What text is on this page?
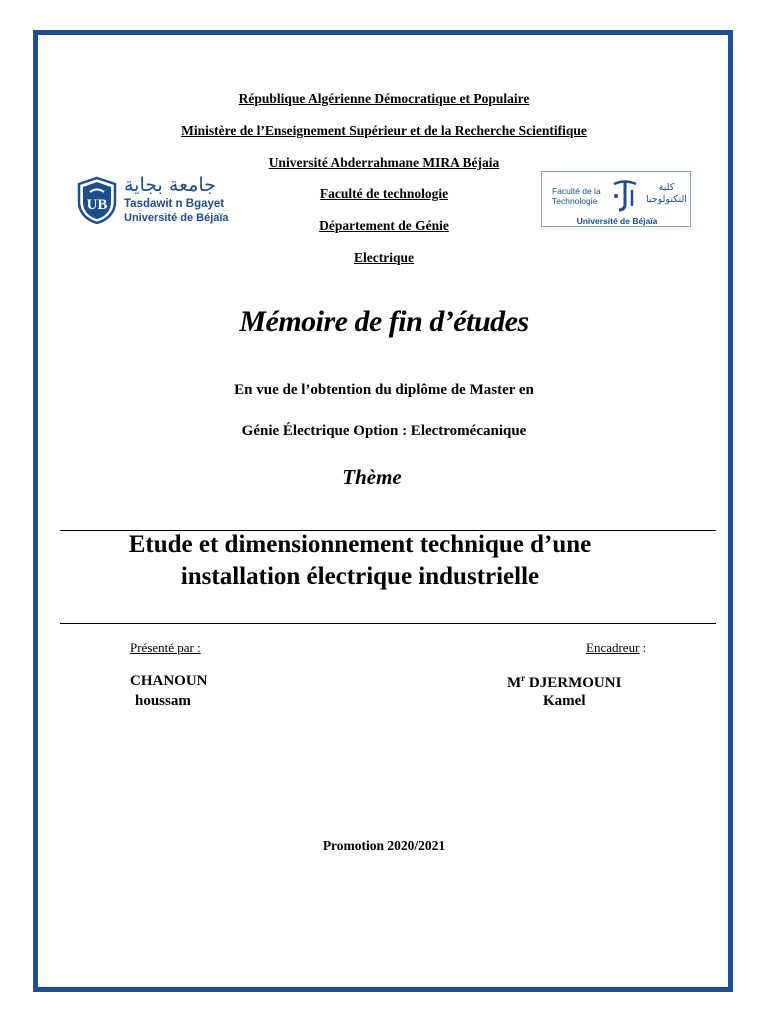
République Algérienne Démocratique et Populaire
Ministère de l’Enseignement Supérieur et de la Recherche Scientifique
Université Abderrahmane MIRA Béjaia
Faculté de technologie
Département de Génie
Electrique
UB
جامعة بجاية
Tasdawit n Bgayet
Université de Béjaïa
Faculté de la
Technologie
كلية
التكنولوجيا
Université de Béjaïa
Mémoire de fin d’études
En vue de l’obtention du diplôme de Master en
Génie Électrique Option : Electromécanique
Thème
Etude et dimensionnement technique d’une
installation électrique industrielle
Présenté par :
CHANOUN
houssam
Encadreur :
$M^r$ DJERMOUNI
Kamel
Promotion 2020/2021
